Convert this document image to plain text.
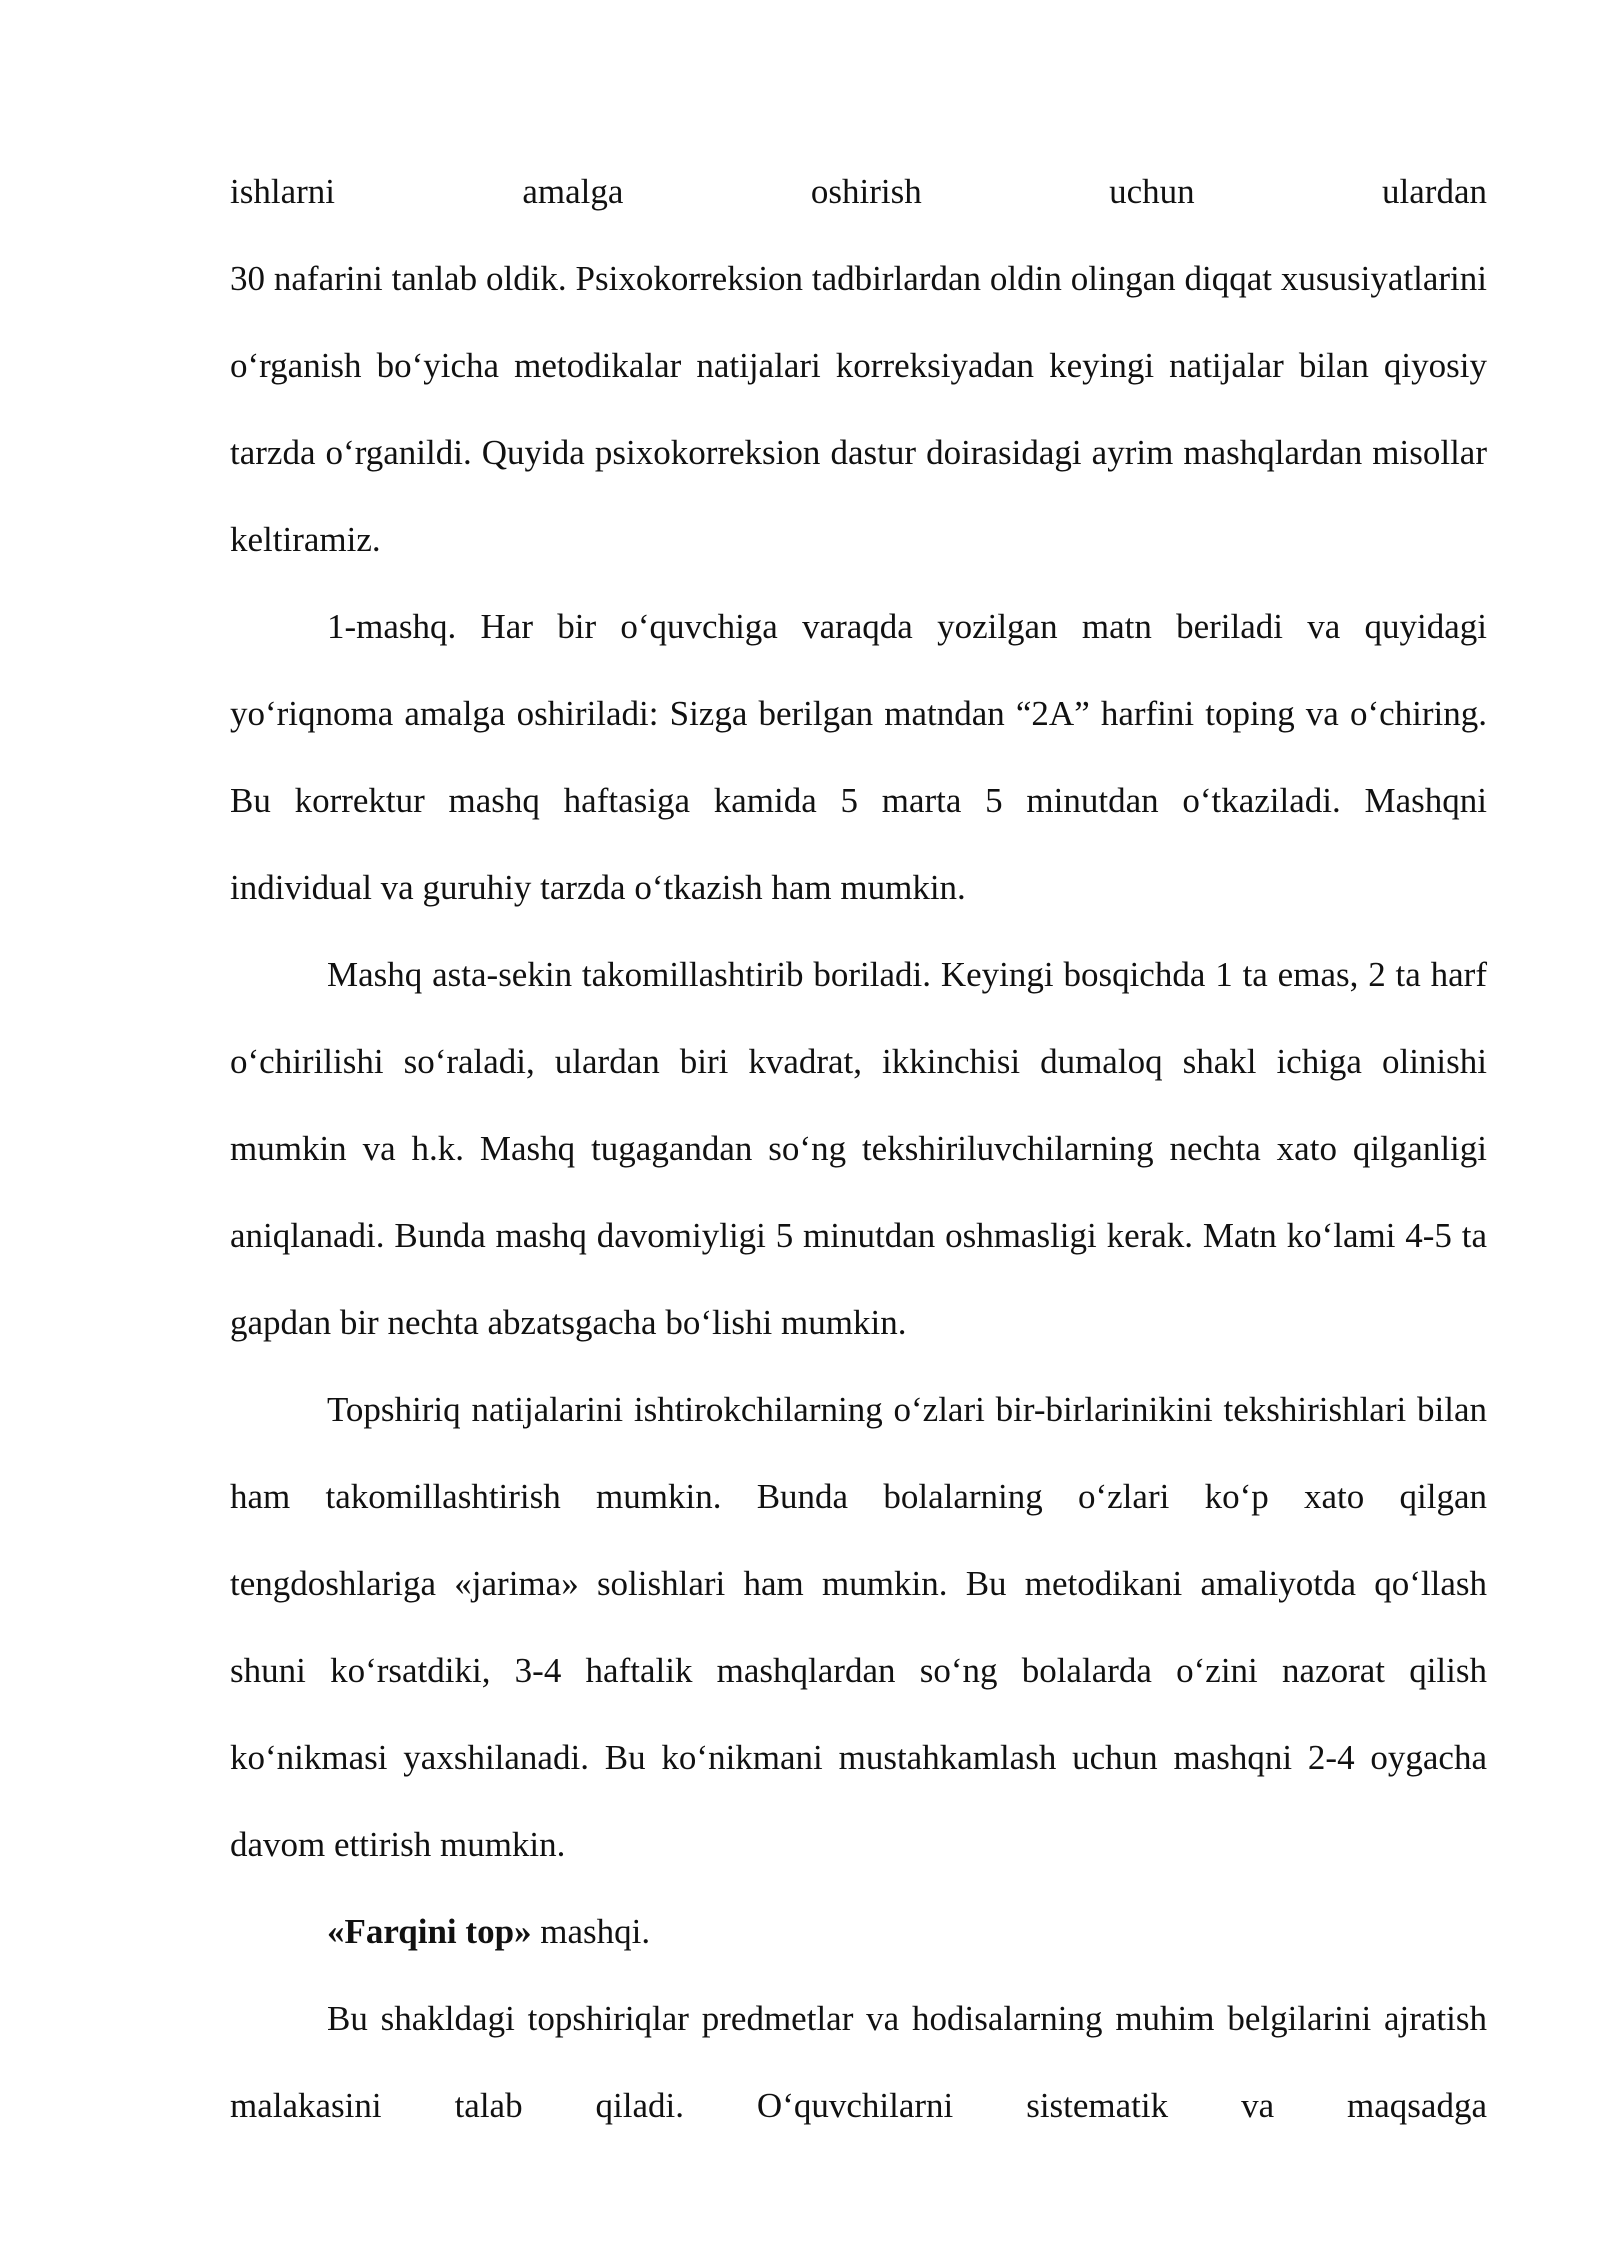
ishlarni amalga oshirish uchun ulardan

30 nafarini tanlab oldik. Psixokorreksion tadbirlardan oldin olingan diqqat xususiyatlarini o‘rganish bo‘yicha metodikalar natijalari korreksiyadan keyingi natijalar bilan qiyosiy tarzda o‘rganildi. Quyida psixokorreksion dastur doirasidagi ayrim mashqlardan misollar keltiramiz.

1-mashq. Har bir o‘quvchiga varaqda yozilgan matn beriladi va quyidagi yo‘riqnoma amalga oshiriladi: Sizga berilgan matndan “2A” harfini toping va o‘chiring. Bu korrektur mashq haftasiga kamida 5 marta 5 minutdan o‘tkaziladi. Mashqni individual va guruhiy tarzda o‘tkazish ham mumkin.

Mashq asta-sekin takomillashtirib boriladi. Keyingi bosqichda 1 ta emas, 2 ta harf o‘chirilishi so‘raladi, ulardan biri kvadrat, ikkinchisi dumaloq shakl ichiga olinishi mumkin va h.k. Mashq tugagandan so‘ng tekshiriluvchilarning nechta xato qilganligi aniqlanadi. Bunda mashq davomiyligi 5 minutdan oshmasligi kerak. Matn ko‘lami 4-5 ta gapdan bir nechta abzatsgacha bo‘lishi mumkin.

Topshiriq natijalarini ishtirokchilarning o‘zlari bir-birlarinikini tekshirishlari bilan ham takomillashtirish mumkin. Bunda bolalarning o‘zlari ko‘p xato qilgan tengdoshlariga «jarima» solishlari ham mumkin. Bu metodikani amaliyotda qo‘llash shuni ko‘rsatdiki, 3-4 haftalik mashqlardan so‘ng bolalarda o‘zini nazorat qilish ko‘nikmasi yaxshilanadi. Bu ko‘nikmani mustahkamlash uchun mashqni 2-4 oygacha davom ettirish mumkin.

«Farqini top» mashqi.

Bu shakldagi topshiriqlar predmetlar va hodisalarning muhim belgilarini ajratish malakasini talab qiladi. O‘quvchilarni sistematik va maqsadga
